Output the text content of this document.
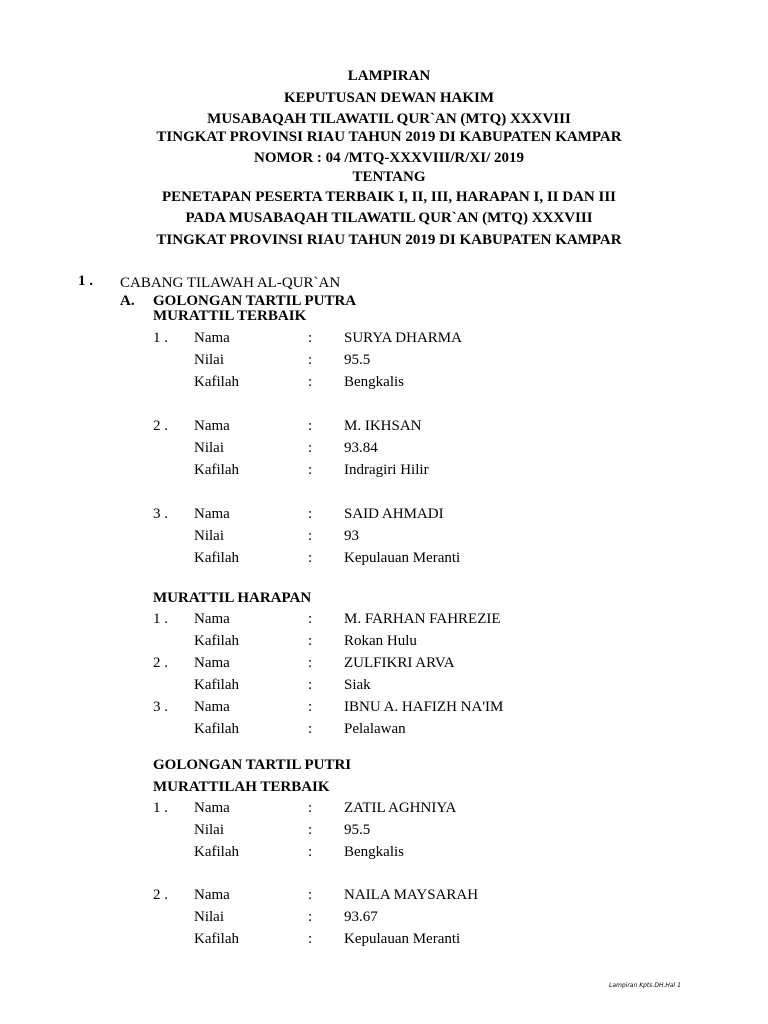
LAMPIRAN
KEPUTUSAN DEWAN HAKIM
MUSABAQAH TILAWATIL QUR`AN (MTQ) XXXVIII
TINGKAT PROVINSI RIAU TAHUN 2019 DI KABUPATEN KAMPAR
NOMOR : 04 /MTQ-XXXVIII/R/XI/ 2019
TENTANG
PENETAPAN PESERTA TERBAIK I, II, III, HARAPAN I, II DAN III
PADA MUSABAQAH TILAWATIL QUR`AN (MTQ) XXXVIII
TINGKAT PROVINSI RIAU TAHUN 2019 DI KABUPATEN KAMPAR
1 . CABANG TILAWAH AL-QUR`AN
A. GOLONGAN TARTIL PUTRA
MURATTIL TERBAIK
1 . Nama	: SURYA DHARMA
Nilai	: 95.5
Kafilah	: Bengkalis
2 . Nama	: M. IKHSAN
Nilai	: 93.84
Kafilah	: Indragiri Hilir
3 . Nama	: SAID AHMADI
Nilai	: 93
Kafilah	: Kepulauan Meranti
MURATTIL HARAPAN
1 . Nama	: M. FARHAN FAHREZIE
Kafilah	: Rokan Hulu
2 . Nama	: ZULFIKRI ARVA
Kafilah	: Siak
3 . Nama	: IBNU A. HAFIZH NA'IM
Kafilah	: Pelalawan
GOLONGAN TARTIL PUTRI
MURATTILAH TERBAIK
1 . Nama	: ZATIL AGHNIYA
Nilai	: 95.5
Kafilah	: Bengkalis
2 . Nama	: NAILA MAYSARAH
Nilai	: 93.67
Kafilah	: Kepulauan Meranti
Lampiran Kpts.DH.Hal 1
